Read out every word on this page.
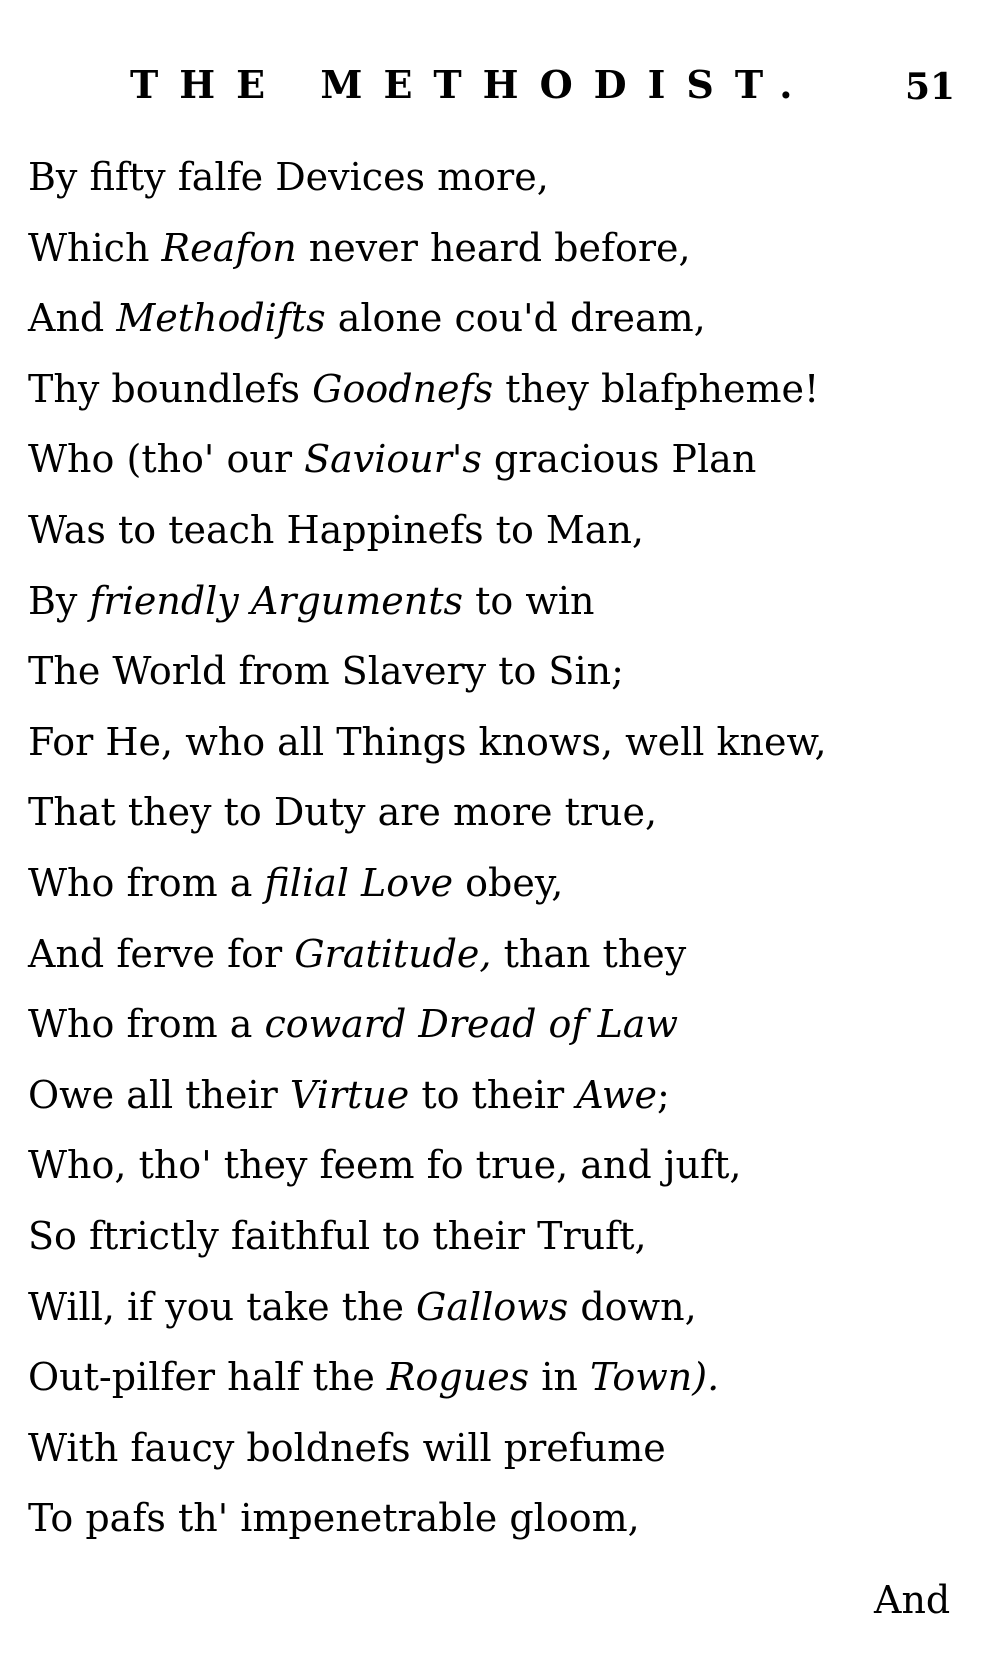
THE METHODIST.	51
By fifty falfe Devices more,
Which Reafon never heard before,
And Methodifts alone cou'd dream,
Thy boundlefs Goodnefs they blafpheme!
Who (tho' our Saviour's gracious Plan
Was to teach Happinefs to Man,
By friendly Arguments to win
The World from Slavery to Sin;
For He, who all Things knows, well knew,
That they to Duty are more true,
Who from a filial Love obey,
And ferve for Gratitude, than they
Who from a coward Dread of Law
Owe all their Virtue to their Awe;
Who, tho' they feem fo true, and juft,
So ftrictly faithful to their Truft,
Will, if you take the Gallows down,
Out-pilfer half the Rogues in Town).
With faucy boldnefs will prefume
To pafs th' impenetrable gloom,
And
